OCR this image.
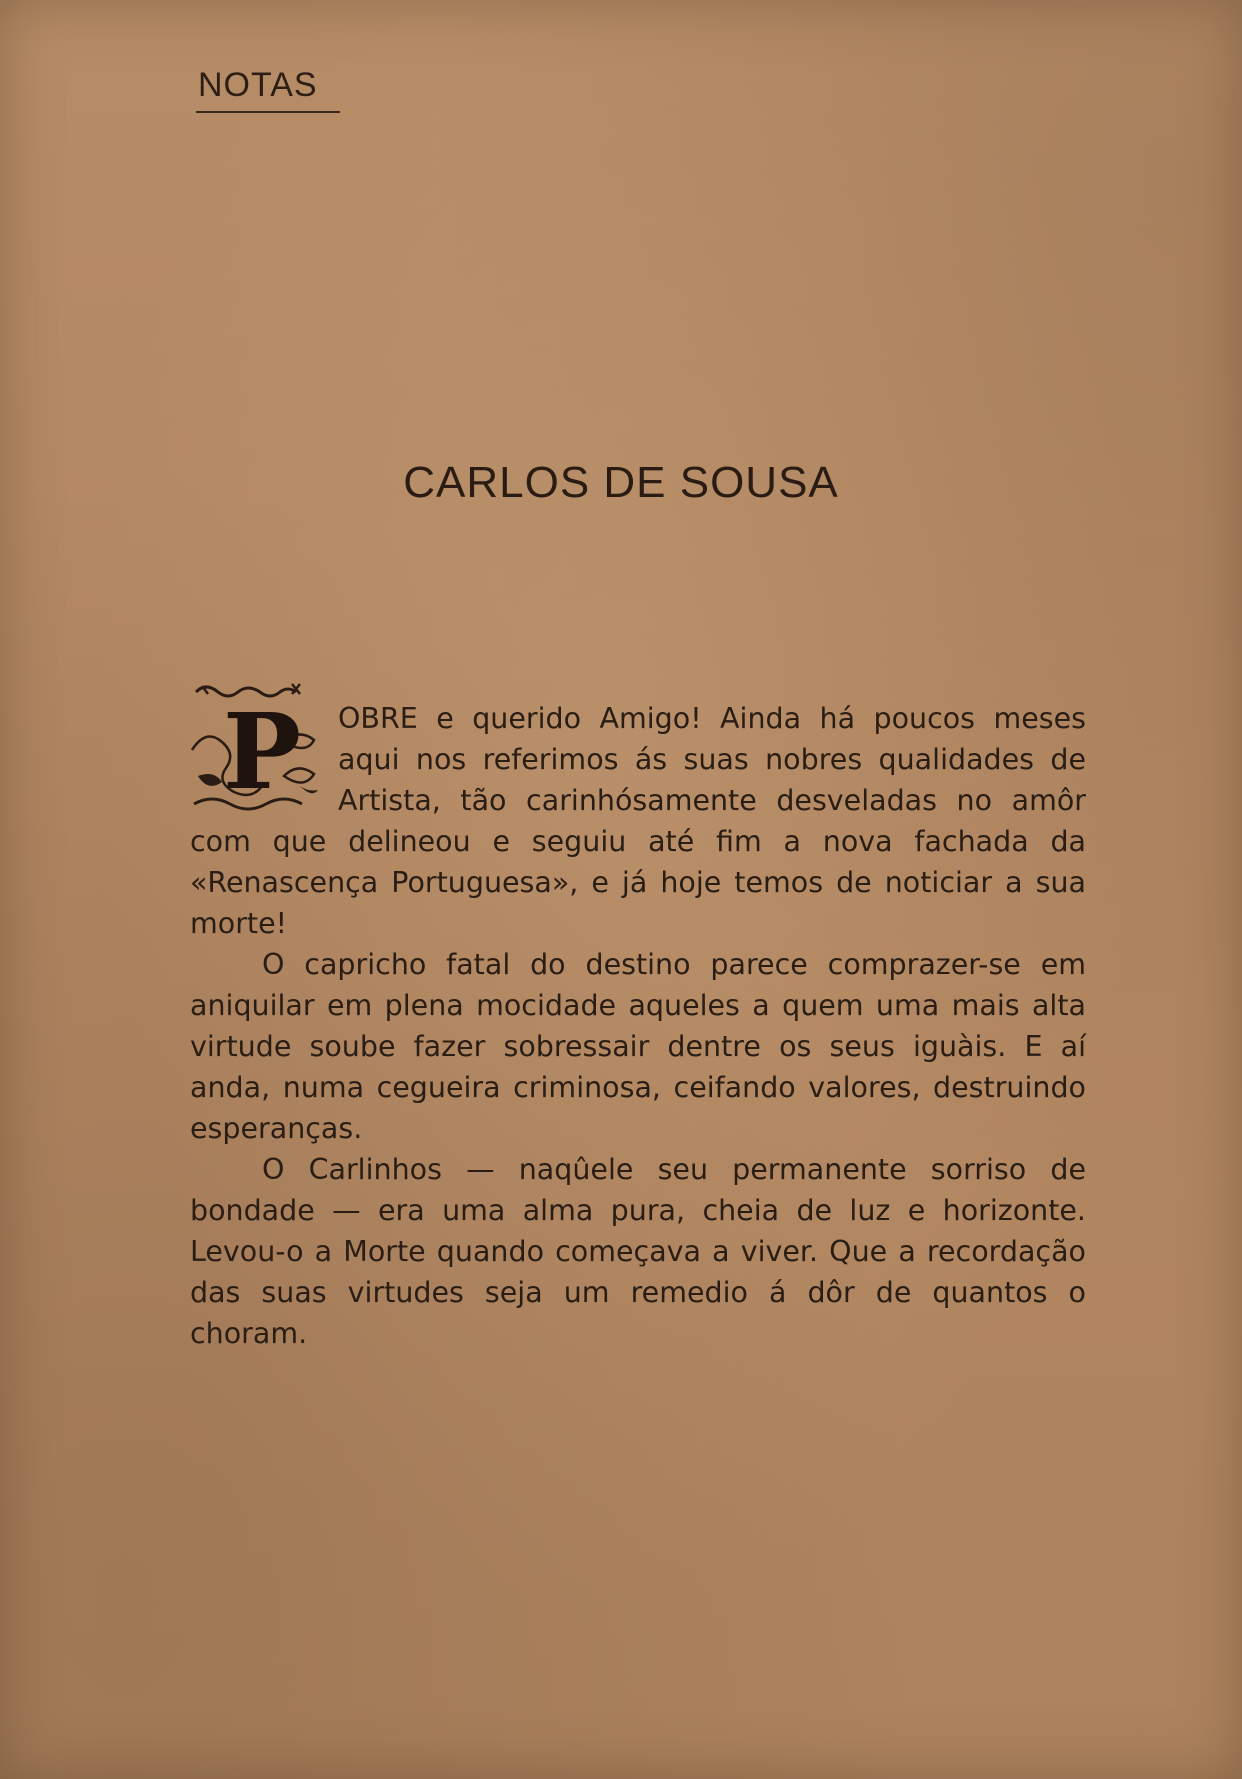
NOTAS
CARLOS DE SOUSA

P OBRE e querido Amigo! Ainda há poucos meses aqui nos referimos ás suas nobres qualidades de Artista, tão carinhósamente desveladas no amôr com que delineou e seguiu até fim a nova fachada da «Renascença Portuguesa», e já hoje temos de noticiar a sua morte!

O capricho fatal do destino parece comprazer-se em aniquilar em plena mocidade aqueles a quem uma mais alta virtude soube fazer sobressair dentre os seus iguàis. E aí anda, numa cegueira criminosa, ceifando valores, destruindo esperanças.

O Carlinhos — naqûele seu permanente sorriso de bondade — era uma alma pura, cheia de luz e horizonte. Levou-o a Morte quando começava a viver. Que a recordação das suas virtudes seja um remedio á dôr de quantos o choram.
